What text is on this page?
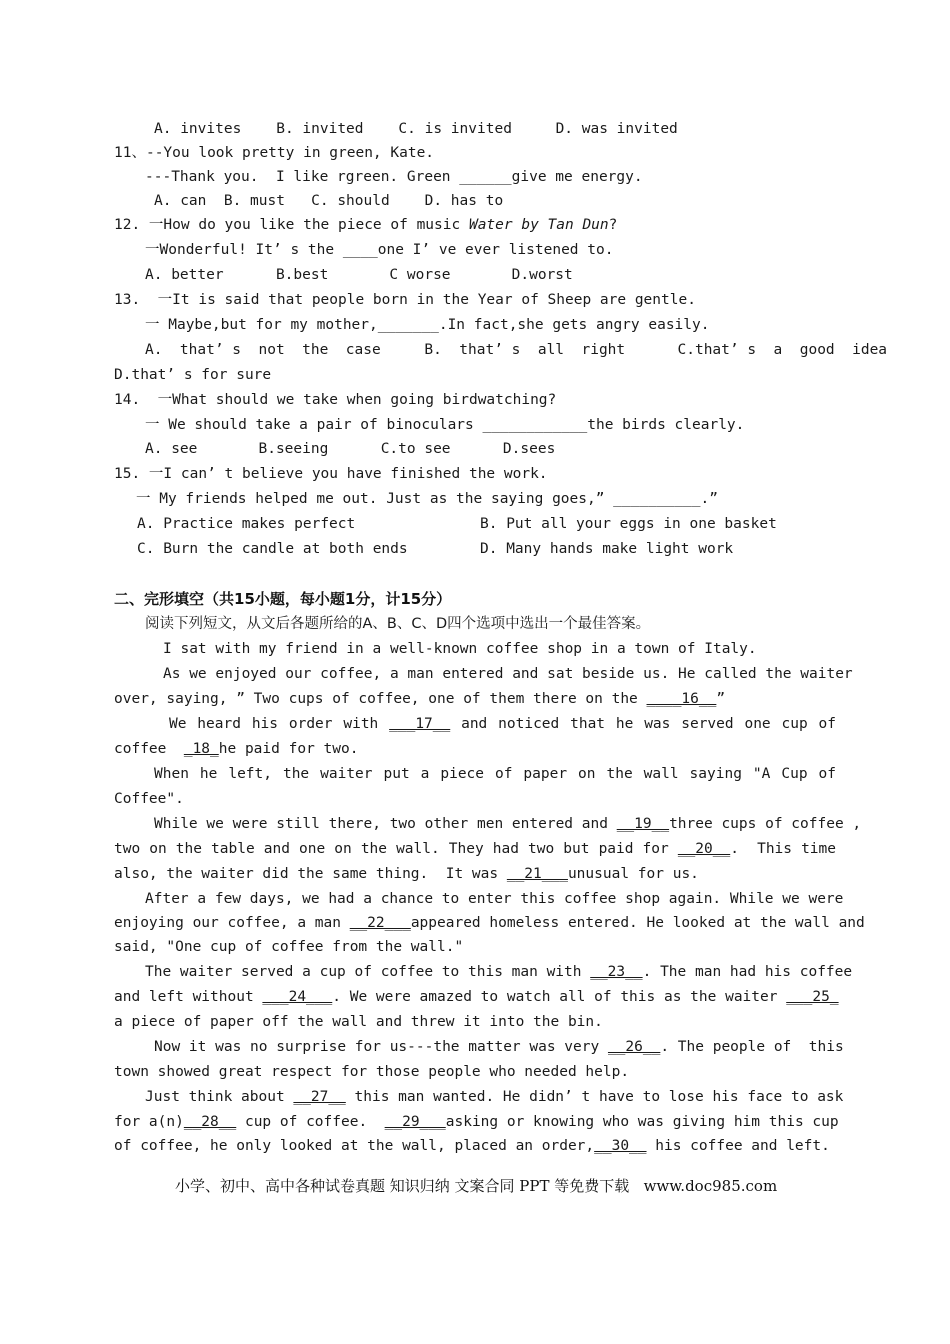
A. invites    B. invited    C. is invited     D. was invited
11、--You look pretty in green, Kate.
---Thank you.  I like rgreen. Green ______give me energy.
A. can  B. must   C. should    D. has to
12. 一How do you like the piece of music Water by Tan Dun?
一Wonderful! It’ s the ____one I’ ve ever listened to.
A. better      B.best       C worse       D.worst
13.  一It is said that people born in the Year of Sheep are gentle.
一 Maybe,but for my mother,_______.In fact,she gets angry easily.
A.  that’ s  not  the  case     B.  that’ s  all  right      C.that’ s  a  good  idea
D.that’ s for sure
14.  一What should we take when going birdwatching?
一 We should take a pair of binoculars ____________the birds clearly.
A. see       B.seeing      C.to see      D.sees
15. 一I can’ t believe you have finished the work.
一 My friends helped me out. Just as the saying goes,” __________.”
A. Practice makes perfect	B. Put all your eggs in one basket
C. Burn the candle at both ends	D. Many hands make light work
二、完形填空（共15小题，每小题1分，计15分）
阅读下列短文，从文后各题所给的A、B、C、D四个选项中选出一个最佳答案。
I sat with my friend in a well-known coffee shop in a town of Italy.
As we enjoyed our coffee, a man entered and sat beside us. He called the waiter
over, saying, ” Two cups of coffee, one of them there on the ____16__”
We heard his order with ___17__ and noticed that he was served one cup of
coffee  _18_he paid for two.
When he left, the waiter put a piece of paper on the wall saying "A Cup of
Coffee".
While we were still there, two other men entered and __19__three cups of coffee ,
two on the table and one on the wall. They had two but paid for __20__.  This time
also, the waiter did the same thing.  It was __21___unusual for us.
After a few days, we had a chance to enter this coffee shop again. While we were
enjoying our coffee, a man __22___appeared homeless entered. He looked at the wall and
said, "One cup of coffee from the wall."
The waiter served a cup of coffee to this man with __23__. The man had his coffee
and left without ___24___. We were amazed to watch all of this as the waiter ___25_
a piece of paper off the wall and threw it into the bin.
Now it was no surprise for us---the matter was very __26__. The people of  this
town showed great respect for those people who needed help.
Just think about __27__ this man wanted. He didn’ t have to lose his face to ask
for a(n)__28__ cup of coffee.  __29___asking or knowing who was giving him this cup
of coffee, he only looked at the wall, placed an order,__30__ his coffee and left.
小学、初中、高中各种试卷真题 知识归纳 文案合同 PPT 等免费下载   www.doc985.com
